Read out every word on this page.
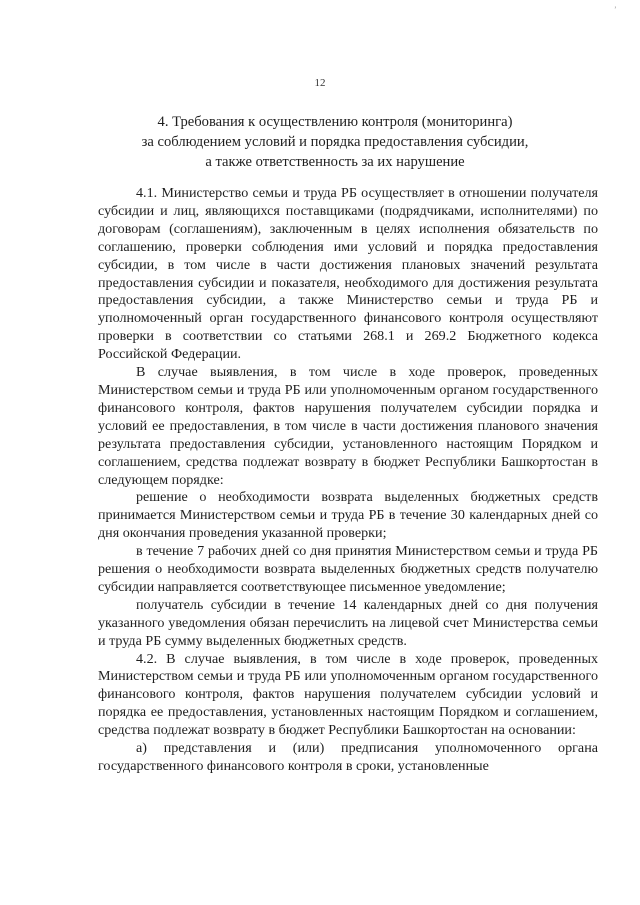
’
12
4. Требования к осуществлению контроля (мониторинга)
за соблюдением условий и порядка предоставления субсидии,
а также ответственность за их нарушение

4.1. Министерство семьи и труда РБ осуществляет в отношении получателя субсидии и лиц, являющихся поставщиками (подрядчиками, исполнителями) по договорам (соглашениям), заключенным в целях исполнения обязательств по соглашению, проверки соблюдения ими условий и порядка предоставления субсидии, в том числе в части достижения плановых значений результата предоставления субсидии и показателя, необходимого для достижения результата предоставления субсидии, а также Министерство семьи и труда РБ и уполномоченный орган государственного финансового контроля осуществляют проверки в соответствии со статьями 268.1 и 269.2 Бюджетного кодекса Российской Федерации.

В случае выявления, в том числе в ходе проверок, проведенных Министерством семьи и труда РБ или уполномоченным органом государственного финансового контроля, фактов нарушения получателем субсидии порядка и условий ее предоставления, в том числе в части достижения планового значения результата предоставления субсидии, установленного настоящим Порядком и соглашением, средства подлежат возврату в бюджет Республики Башкортостан в следующем порядке:

решение о необходимости возврата выделенных бюджетных средств принимается Министерством семьи и труда РБ в течение 30 календарных дней со дня окончания проведения указанной проверки;

в течение 7 рабочих дней со дня принятия Министерством семьи и труда РБ решения о необходимости возврата выделенных бюджетных средств получателю субсидии направляется соответствующее письменное уведомление;

получатель субсидии в течение 14 календарных дней со дня получения указанного уведомления обязан перечислить на лицевой счет Министерства семьи и труда РБ сумму выделенных бюджетных средств.

4.2. В случае выявления, в том числе в ходе проверок, проведенных Министерством семьи и труда РБ или уполномоченным органом государственного финансового контроля, фактов нарушения получателем субсидии условий и порядка ее предоставления, установленных настоящим Порядком и соглашением, средства подлежат возврату в бюджет Республики Башкортостан на основании:

а) представления и (или) предписания уполномоченного органа государственного финансового контроля в сроки, установленные
